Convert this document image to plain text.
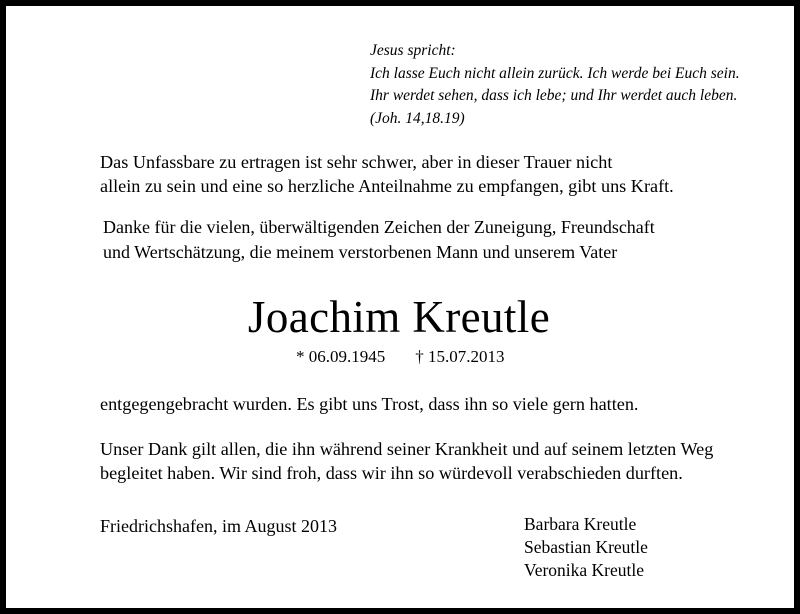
Jesus spricht:
Ich lasse Euch nicht allein zurück. Ich werde bei Euch sein.
Ihr werdet sehen, dass ich lebe; und Ihr werdet auch leben.
(Joh. 14,18.19)
Das Unfassbare zu ertragen ist sehr schwer, aber in dieser Trauer nicht
allein zu sein und eine so herzliche Anteilnahme zu empfangen, gibt uns Kraft.
Danke für die vielen, überwältigenden Zeichen der Zuneigung, Freundschaft
und Wertschätzung, die meinem verstorbenen Mann und unserem Vater
Joachim Kreutle
* 06.09.1945 † 15.07.2013
entgegengebracht wurden. Es gibt uns Trost, dass ihn so viele gern hatten.
Unser Dank gilt allen, die ihn während seiner Krankheit und auf seinem letzten Weg
begleitet haben. Wir sind froh, dass wir ihn so würdevoll verabschieden durften.
Friedrichshafen, im August 2013	Barbara Kreutle
Sebastian Kreutle
Veronika Kreutle
